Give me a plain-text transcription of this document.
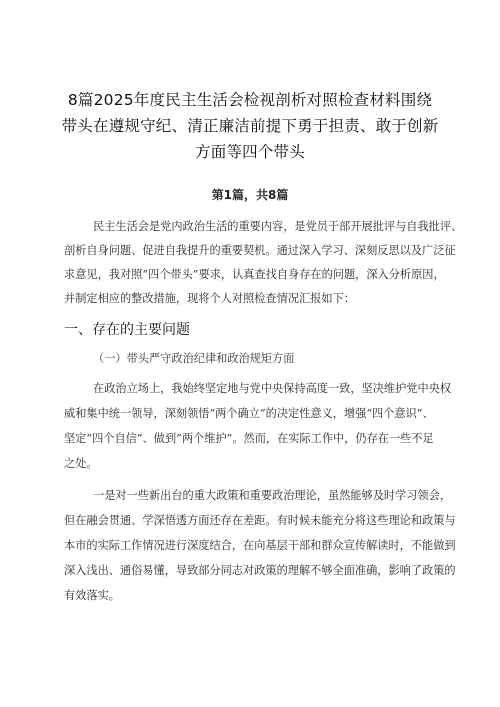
8篇2025年度民主生活会检视剖析对照检查材料围绕
带头在遵规守纪、清正廉洁前提下勇于担责、敢于创新
方面等四个带头
第1篇，共8篇
民主生活会是党内政治生活的重要内容，是党员于部开展批评与自我批评、
剖析自身问题、促进自我提升的重要契机。通过深入学习、深刻反思以及广泛征
求意见，我对照“四个带头”要求，认真查找自身存在的问题，深入分析原因，
并制定相应的整改措施，现将个人对照检查情况汇报如下：
一、存在的主要问题
（一）带头严守政治纪律和政治规矩方面
在政治立场上，我始终坚定地与党中央保持高度一致，坚决维护党中央权
威和集中统一领导，深刻领悟“两个确立”的决定性意义，增强“四个意识”、
坚定“四个自信”、做到“两个维护”。然而，在实际工作中，仍存在一些不足
之处。
一是对一些新出台的重大政策和重要政治理论，虽然能够及时学习领会，
但在融会贯通、学深悟透方面还存在差距。有时候未能充分将这些理论和政策与
本市的实际工作情况进行深度结合，在向基层干部和群众宣传解读时，不能做到
深入浅出、通俗易懂，导致部分同志对政策的理解不够全面准确，影响了政策的
有效落实。
